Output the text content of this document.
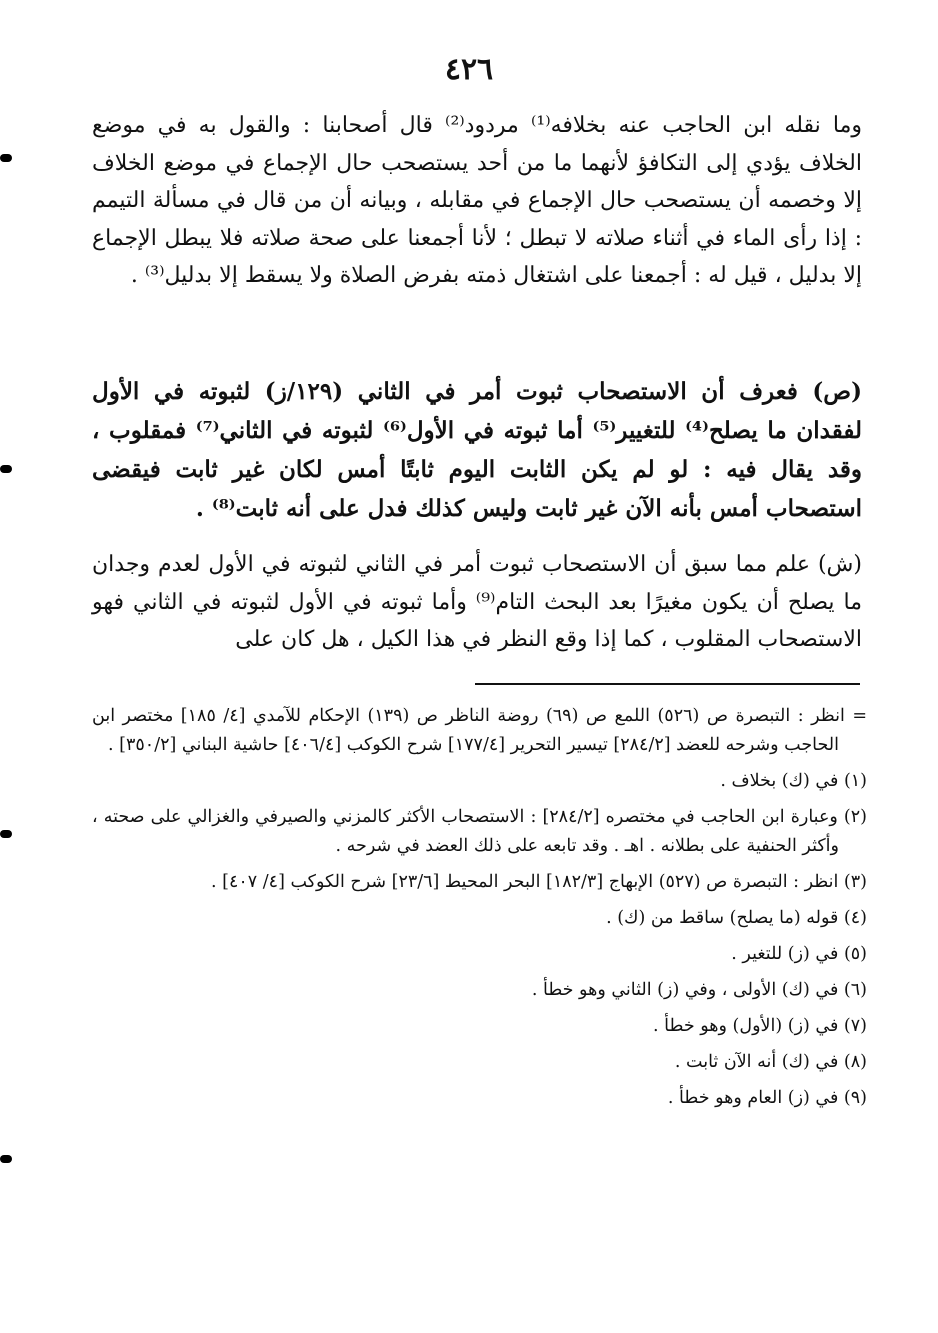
٤٢٦

وما نقله ابن الحاجب عنه بخلافه⁽¹⁾ مردود⁽²⁾ قال أصحابنا : والقول به في موضع الخلاف يؤدي إلى التكافؤ لأنهما ما من أحد يستصحب حال الإجماع في موضع الخلاف إلا وخصمه أن يستصحب حال الإجماع في مقابله ، وبيانه أن من قال في مسألة التيمم : إذا رأى الماء في أثناء صلاته لا تبطل ؛ لأنا أجمعنا على صحة صلاته فلا يبطل الإجماع إلا بدليل ، قيل له : أجمعنا على اشتغال ذمته بفرض الصلاة ولا يسقط إلا بدليل⁽³⁾ .

(ص) فعرف أن الاستصحاب ثبوت أمر في الثاني (١٢٩/ز) لثبوته في الأول لفقدان ما يصلح⁽⁴⁾ للتغيير⁽⁵⁾ أما ثبوته في الأول⁽⁶⁾ لثبوته في الثاني⁽⁷⁾ فمقلوب ، وقد يقال فيه : لو لم يكن الثابت اليوم ثابتًا أمس لكان غير ثابت فيقضى استصحاب أمس بأنه الآن غير ثابت وليس كذلك فدل على أنه ثابت⁽⁸⁾ .

(ش) علم مما سبق أن الاستصحاب ثبوت أمر في الثاني لثبوته في الأول لعدم وجدان ما يصلح أن يكون مغيرًا بعد البحث التام⁽⁹⁾ وأما ثبوته في الأول لثبوته في الثاني فهو الاستصحاب المقلوب ، كما إذا وقع النظر في هذا الكيل ، هل كان على

= انظر : التبصرة ص (٥٢٦) اللمع ص (٦٩) روضة الناظر ص (١٣٩) الإحكام للآمدي [٤/ ١٨٥] مختصر ابن الحاجب وشرحه للعضد [٢٨٤/٢] تيسير التحرير [١٧٧/٤] شرح الكوكب [٤٠٦/٤] حاشية البناني [٣٥٠/٢] .

(١) في (ك) بخلاف .

(٢) وعبارة ابن الحاجب في مختصره [٢٨٤/٢] : الاستصحاب الأكثر كالمزني والصيرفي والغزالي على صحته ، وأكثر الحنفية على بطلانه . اهـ . وقد تابعه على ذلك العضد في شرحه .

(٣) انظر : التبصرة ص (٥٢٧) الإبهاج [١٨٢/٣] البحر المحيط [٢٣/٦] شرح الكوكب [٤/ ٤٠٧] .

(٤) قوله (ما يصلح) ساقط من (ك) .

(٥) في (ز) للتغير .

(٦) في (ك) الأولى ، وفي (ز) الثاني وهو خطأ .

(٧) في (ز) (الأول) وهو خطأ .

(٨) في (ك) أنه الآن ثابت .

(٩) في (ز) العام وهو خطأ .
